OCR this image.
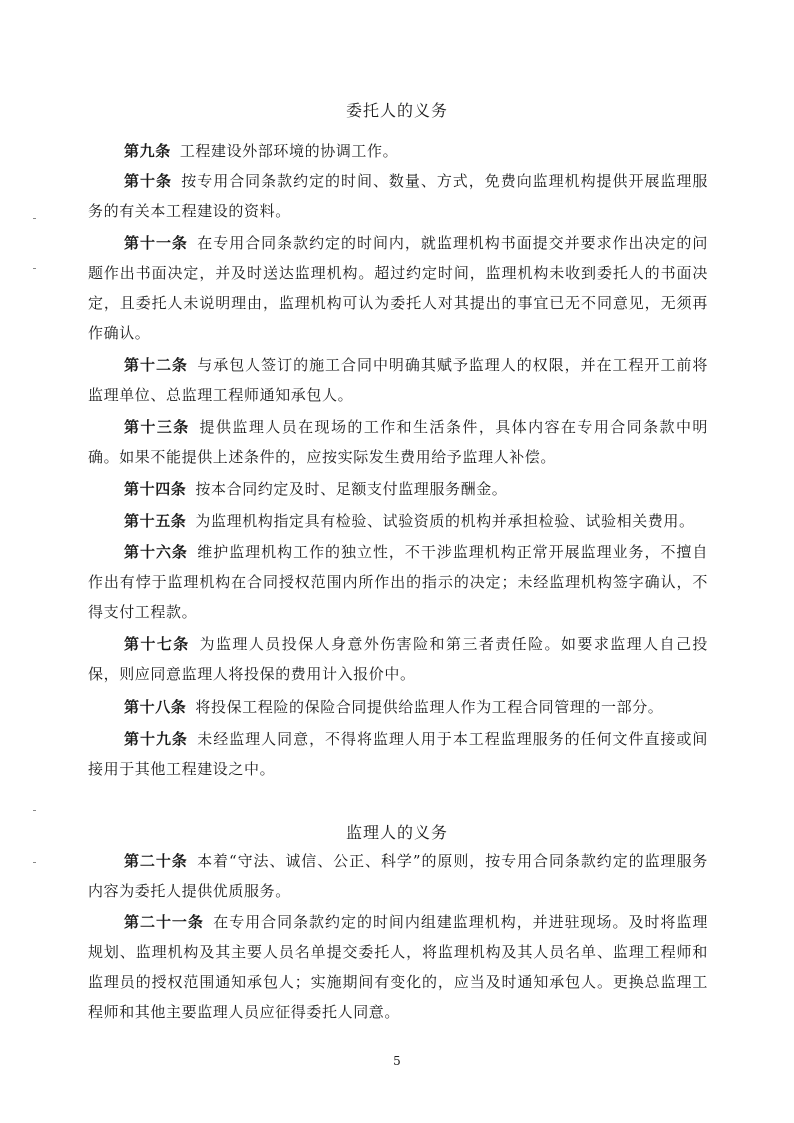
委托人的义务

第九条 工程建设外部环境的协调工作。

第十条 按专用合同条款约定的时间、数量、方式，免费向监理机构提供开展监理服务的有关本工程建设的资料。

第十一条 在专用合同条款约定的时间内，就监理机构书面提交并要求作出决定的问题作出书面决定，并及时送达监理机构。超过约定时间，监理机构未收到委托人的书面决定，且委托人未说明理由，监理机构可认为委托人对其提出的事宜已无不同意见，无须再作确认。

第十二条 与承包人签订的施工合同中明确其赋予监理人的权限，并在工程开工前将监理单位、总监理工程师通知承包人。

第十三条 提供监理人员在现场的工作和生活条件，具体内容在专用合同条款中明确。如果不能提供上述条件的，应按实际发生费用给予监理人补偿。

第十四条 按本合同约定及时、足额支付监理服务酬金。

第十五条 为监理机构指定具有检验、试验资质的机构并承担检验、试验相关费用。

第十六条 维护监理机构工作的独立性，不干涉监理机构正常开展监理业务，不擅自作出有悖于监理机构在合同授权范围内所作出的指示的决定；未经监理机构签字确认，不得支付工程款。

第十七条 为监理人员投保人身意外伤害险和第三者责任险。如要求监理人自己投保，则应同意监理人将投保的费用计入报价中。

第十八条 将投保工程险的保险合同提供给监理人作为工程合同管理的一部分。

第十九条 未经监理人同意，不得将监理人用于本工程监理服务的任何文件直接或间接用于其他工程建设之中。

监理人的义务

第二十条 本着“守法、诚信、公正、科学”的原则，按专用合同条款约定的监理服务内容为委托人提供优质服务。

第二十一条 在专用合同条款约定的时间内组建监理机构，并进驻现场。及时将监理规划、监理机构及其主要人员名单提交委托人，将监理机构及其人员名单、监理工程师和监理员的授权范围通知承包人；实施期间有变化的，应当及时通知承包人。更换总监理工程师和其他主要监理人员应征得委托人同意。

5
